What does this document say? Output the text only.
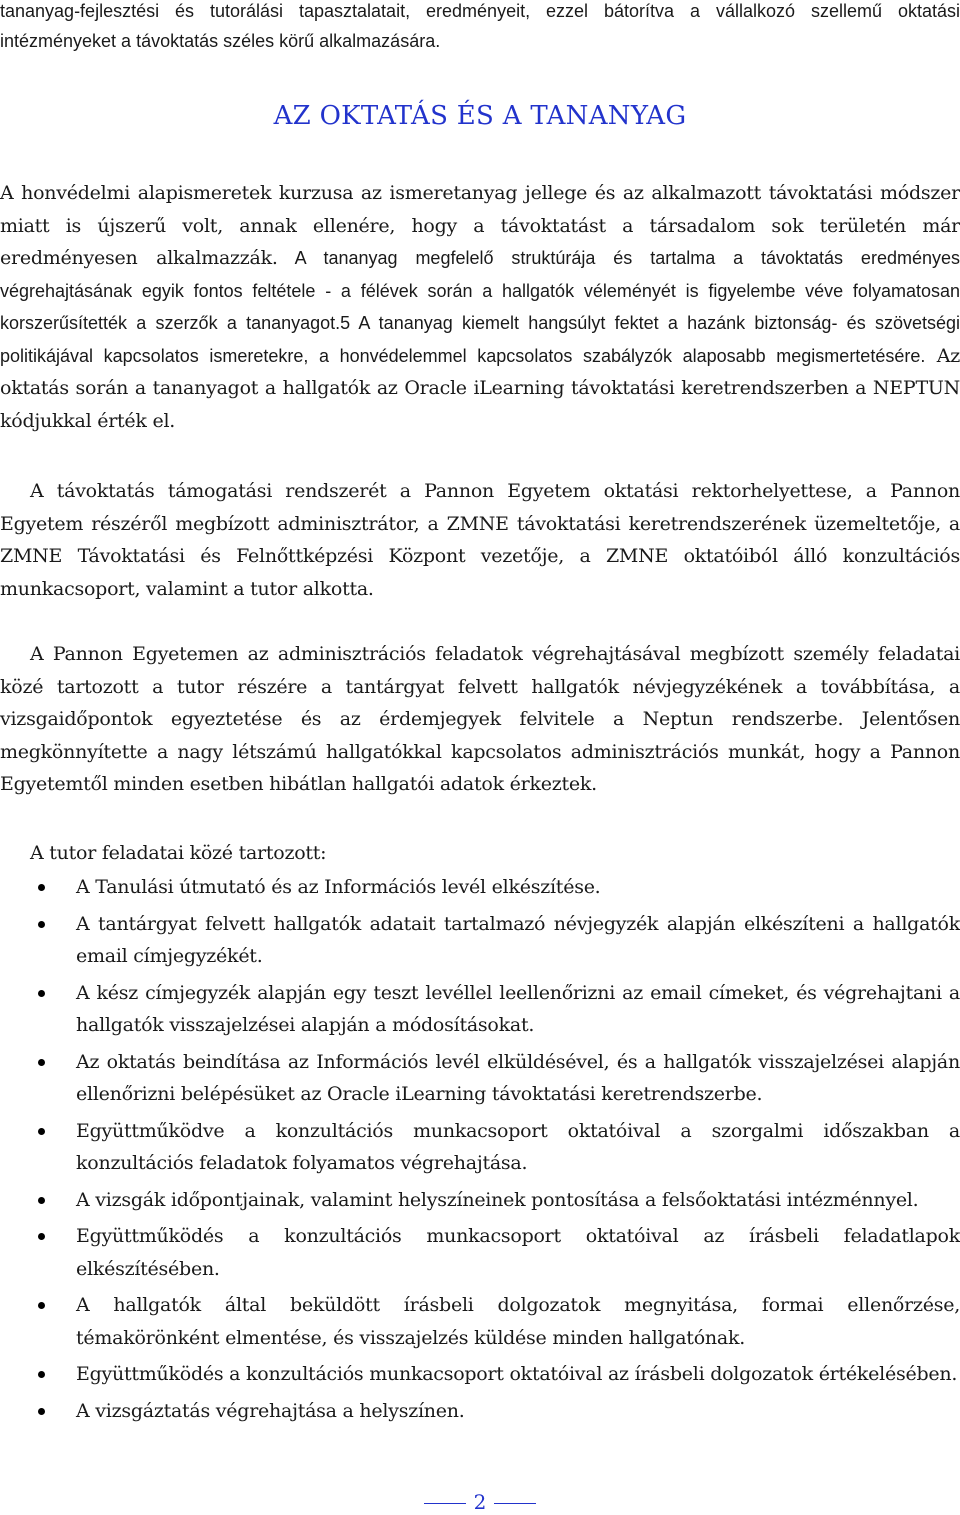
tananyag-fejlesztési és tutorálási tapasztalatait, eredményeit, ezzel bátorítva a vállalkozó szellemű oktatási intézményeket a távoktatás széles körű alkalmazására.

AZ OKTATÁS ÉS A TANANYAG

A honvédelmi alapismeretek kurzusa az ismeretanyag jellege és az alkalmazott távoktatási módszer miatt is újszerű volt, annak ellenére, hogy a távoktatást a társadalom sok területén már eredményesen alkalmazzák. A tananyag megfelelő struktúrája és tartalma a távoktatás eredményes végrehajtásának egyik fontos feltétele - a félévek során a hallgatók véleményét is figyelembe véve folyamatosan korszerűsítették a szerzők a tananyagot.5 A tananyag kiemelt hangsúlyt fektet a hazánk biztonság- és szövetségi politikájával kapcsolatos ismeretekre, a honvédelemmel kapcsolatos szabályzók alaposabb megismertetésére. Az oktatás során a tananyagot a hallgatók az Oracle iLearning távoktatási keretrendszerben a NEPTUN kódjukkal érték el.

A távoktatás támogatási rendszerét a Pannon Egyetem oktatási rektorhelyettese, a Pannon Egyetem részéről megbízott adminisztrátor, a ZMNE távoktatási keretrendszerének üzemeltetője, a ZMNE Távoktatási és Felnőttképzési Központ vezetője, a ZMNE oktatóiból álló konzultációs munkacsoport, valamint a tutor alkotta.

A Pannon Egyetemen az adminisztrációs feladatok végrehajtásával megbízott személy feladatai közé tartozott a tutor részére a tantárgyat felvett hallgatók névjegyzékének a továbbítása, a vizsgaidőpontok egyeztetése és az érdemjegyek felvitele a Neptun rendszerbe. Jelentősen megkönnyítette a nagy létszámú hallgatókkal kapcsolatos adminisztrációs munkát, hogy a Pannon Egyetemtől minden esetben hibátlan hallgatói adatok érkeztek.

A tutor feladatai közé tartozott:

A Tanulási útmutató és az Információs levél elkészítése.
A tantárgyat felvett hallgatók adatait tartalmazó névjegyzék alapján elkészíteni a hallgatók email címjegyzékét.
A kész címjegyzék alapján egy teszt levéllel leellenőrizni az email címeket, és végrehajtani a hallgatók visszajelzései alapján a módosításokat.
Az oktatás beindítása az Információs levél elküldésével, és a hallgatók visszajelzései alapján ellenőrizni belépésüket az Oracle iLearning távoktatási keretrendszerbe.
Együttműködve a konzultációs munkacsoport oktatóival a szorgalmi időszakban a konzultációs feladatok folyamatos végrehajtása.
A vizsgák időpontjainak, valamint helyszíneinek pontosítása a felsőoktatási intézménnyel.
Együttműködés a konzultációs munkacsoport oktatóival az írásbeli feladatlapok elkészítésében.
A hallgatók által beküldött írásbeli dolgozatok megnyitása, formai ellenőrzése, témakörönként elmentése, és visszajelzés küldése minden hallgatónak.
Együttműködés a konzultációs munkacsoport oktatóival az írásbeli dolgozatok értékelésében.
A vizsgáztatás végrehajtása a helyszínen.
2
